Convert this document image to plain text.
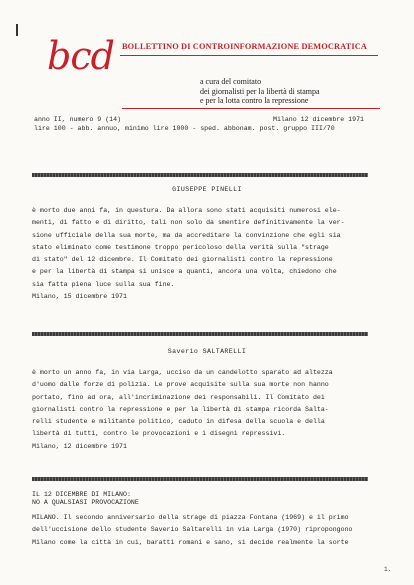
bcd BOLLETTINO DI CONTROINFORMAZIONE DEMOCRATICA
a cura del comitato
dei giornalisti per la libertà di stampa
e per la lotta contro la repressione
anno II, numero 9 (14)	Milano 12 dicembre 1971
lire 100 - abb. annuo, minimo lire 1000 - sped. abbonam. post. gruppo III/70
GIUSEPPE PINELLI
è morto due anni fa, in questura. Da allora sono stati acquisiti numerosi ele-
menti, di fatto e di diritto, tali non solo da smentire definitivamente la ver-
sione ufficiale della sua morte, ma da accreditare la convinzione che egli sia
stato eliminato come testimone troppo pericoloso della verità sulla "strage
di stato" del 12 dicembre. Il Comitato dei giornalisti contro la repressione
e per la libertà di stampa si unisce a quanti, ancora una volta, chiedono che
sia fatta piena luce sulla sua fine.
Milano, 15 dicembre 1971
Saverio SALTARELLI
è morto un anno fa, in via Larga, ucciso da un candelotto sparato ad altezza
d'uomo dalle forze di polizia. Le prove acquisite sulla sua morte non hanno
portato, fino ad ora, all'incriminazione dei responsabili. Il Comitato dei
giornalisti contro la repressione e per la libertà di stampa ricorda Salta-
relli studente e militante politico, caduto in difesa della scuola e della
libertà di tutti, contro le provocazioni e i disegni repressivi.
Milano, 12 dicembre 1971
IL 12 DICEMBRE DI MILANO:
NO A QUALSIASI PROVOCAZIONE
MILANO. Il secondo anniversario della strage di piazza Fontana (1969) e il primo
dell'uccisione dello studente Saverio Saltarelli in via Larga (1970) ripropongono
Milano come la città in cui, baratti romani e sano, si decide realmente la sorte
1.
